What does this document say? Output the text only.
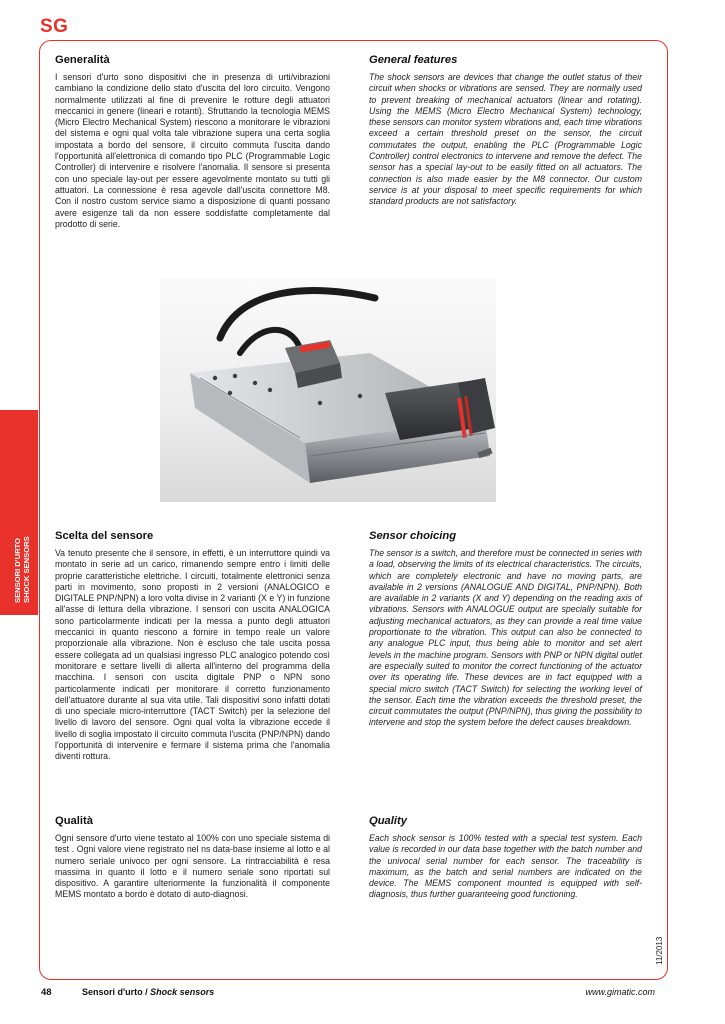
SG
SENSORI D'URTO SHOCK SENSORS
Generalità

I sensori d'urto sono dispositivi che in presenza di urti/vibrazioni cambiano la condizione dello stato d'uscita del loro circuito. Vengono normalmente utilizzati al fine di prevenire le rotture degli attuatori meccanici in genere (lineari e rotanti). Sfruttando la tecnologia MEMS (Micro Electro Mechanical System) riescono a monitorare le vibrazioni del sistema e ogni qual volta tale vibrazione supera una certa soglia impostata a bordo del sensore, il circuito commuta l'uscita dando l'opportunità all'elettronica di comando tipo PLC (Programmable Logic Controller) di intervenire e risolvere l'anomalia. Il sensore si presenta con uno speciale lay-out per essere agevolmente montato su tutti gli attuatori. La connessione è resa agevole dall'uscita connettore M8. Con il nostro custom service siamo a disposizione di quanti possano avere esigenze tali da non essere soddisfatte completamente dal prodotto di serie.

General features

The shock sensors are devices that change the outlet status of their circuit when shocks or vibrations are sensed. They are normally used to prevent breaking of mechanical actuators (linear and rotating). Using the MEMS (Micro Electro Mechanical System) technology, these sensors can monitor system vibrations and, each time vibrations exceed a certain threshold preset on the sensor, the circuit commutates the output, enabling the PLC (Programmable Logic Controller) control electronics to intervene and remove the defect. The sensor has a special lay-out to be easily fitted on all actuators. The connection is also made easier by the M8 connector. Our custom service is at your disposal to meet specific requirements for which standard products are not satisfactory.

Scelta del sensore

Va tenuto presente che il sensore, in effetti, è un interruttore quindi va montato in serie ad un carico, rimanendo sempre entro i limiti delle proprie caratteristiche elettriche. I circuiti, totalmente elettronici senza parti in movimento, sono proposti in 2 versioni (ANALOGICO e DIGITALE PNP/NPN) a loro volta divise in 2 varianti (X e Y) in funzione all'asse di lettura della vibrazione. I sensori con uscita ANALOGICA sono particolarmente indicati per la messa a punto degli attuatori meccanici in quanto riescono a fornire in tempo reale un valore proporzionale alla vibrazione. Non è escluso che tale uscita possa essere collegata ad un qualsiasi ingresso PLC analogico potendo così monitorare e settare livelli di allerta all'interno del programma della macchina. I sensori con uscita digitale PNP o NPN sono particolarmente indicati per monitorare il corretto funzionamento dell'attuatore durante al sua vita utile. Tali dispositivi sono infatti dotati di uno speciale micro-interruttore (TACT Switch) per la selezione del livello di lavoro del sensore. Ogni qual volta la vibrazione eccede il livello di soglia impostato il circuito commuta l'uscita (PNP/NPN) dando l'opportunità di intervenire e fermare il sistema prima che l'anomalia diventi rottura.

Sensor choicing

The sensor is a switch, and therefore must be connected in series with a load, observing the limits of its electrical characteristics. The circuits, which are completely electronic and have no moving parts, are available in 2 versions (ANALOGUE AND DIGITAL, PNP/NPN). Both are available in 2 variants (X and Y) depending on the reading axis of vibrations. Sensors with ANALOGUE output are specially suitable for adjusting mechanical actuators, as they can provide a real time value proportionate to the vibration. This output can also be connected to any analogue PLC input, thus being able to monitor and set alert levels in the machine program. Sensors with PNP or NPN digital outlet are especially suited to monitor the correct functioning of the actuator over its operating life. These devices are in fact equipped with a special micro switch (TACT Switch) for selecting the working level of the sensor. Each time the vibration exceeds the threshold preset, the circuit commutates the output (PNP/NPN), thus giving the possibility to intervene and stop the system before the defect causes breakdown.

Qualità

Ogni sensore d'urto viene testato al 100% con uno speciale sistema di test . Ogni valore viene registrato nel ns data-base insieme al lotto e al numero seriale univoco per ogni sensore. La rintracciabilità è resa massima in quanto il lotto e il numero seriale sono riportati sul dispositivo. A garantire ulteriormente la funzionalità il componente MEMS montato a bordo è dotato di auto-diagnosi.

Quality

Each shock sensor is 100% tested with a special test system. Each value is recorded in our data base together with the batch number and the univocal serial number for each sensor. The traceability is maximum, as the batch and serial numbers are indicated on the device. The MEMS component mounted is equipped with self-diagnosis, thus further guaranteeing good functioning.

11/2013
48	Sensori d'urto / Shock sensors	www.gimatic.com
